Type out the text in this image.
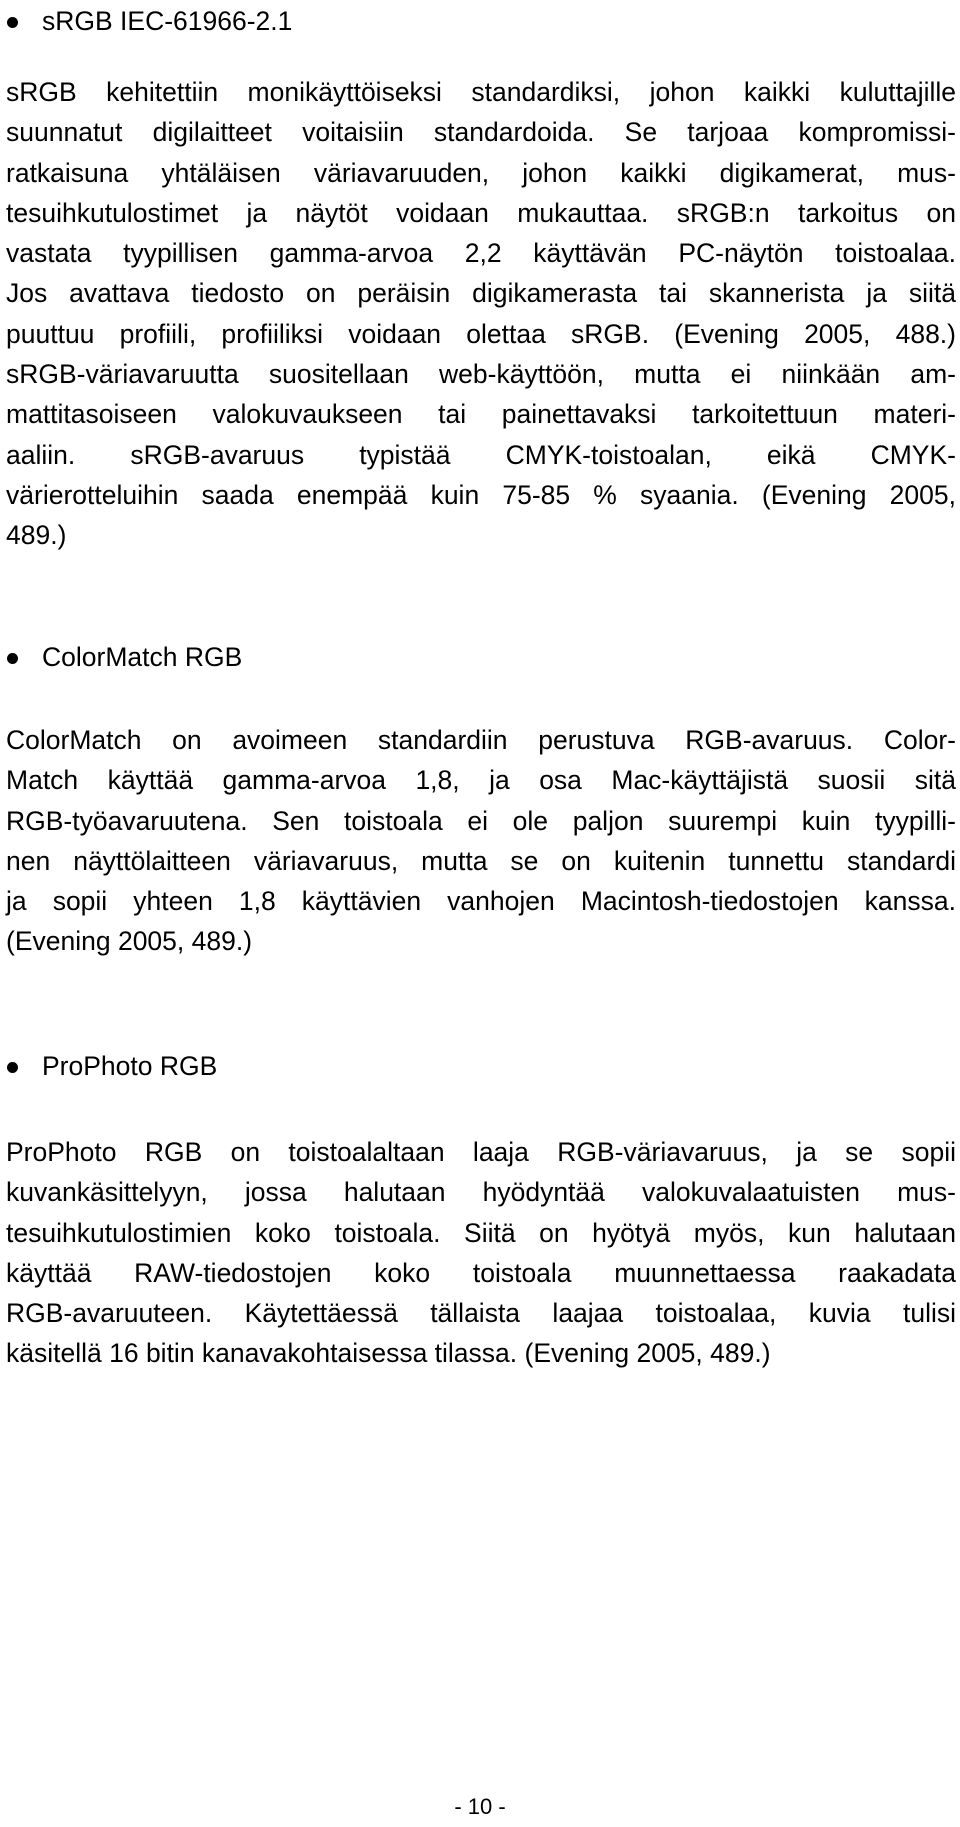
sRGB IEC-61966-2.1
sRGB kehitettiin monikäyttöiseksi standardiksi, johon kaikki kuluttajille
suunnatut digilaitteet voitaisiin standardoida. Se tarjoaa kompromissi-
ratkaisuna yhtäläisen väriavaruuden, johon kaikki digikamerat, mus-
tesuihkutulostimet ja näytöt voidaan mukauttaa. sRGB:n tarkoitus on
vastata tyypillisen gamma-arvoa 2,2 käyttävän PC-näytön toistoalaa.
Jos avattava tiedosto on peräisin digikamerasta tai skannerista ja siitä
puuttuu profiili, profiiliksi voidaan olettaa sRGB. (Evening 2005, 488.)
sRGB-väriavaruutta suositellaan web-käyttöön, mutta ei niinkään am-
mattitasoiseen valokuvaukseen tai painettavaksi tarkoitettuun materi-
aaliin. sRGB-avaruus typistää CMYK-toistoalan, eikä CMYK-
värierotteluihin saada enempää kuin 75-85 % syaania. (Evening 2005,
489.)
ColorMatch RGB
ColorMatch on avoimeen standardiin perustuva RGB-avaruus. Color-
Match käyttää gamma-arvoa 1,8, ja osa Mac-käyttäjistä suosii sitä
RGB-työavaruutena. Sen toistoala ei ole paljon suurempi kuin tyypilli-
nen näyttölaitteen väriavaruus, mutta se on kuitenin tunnettu standardi
ja sopii yhteen 1,8 käyttävien vanhojen Macintosh-tiedostojen kanssa.
(Evening 2005, 489.)
ProPhoto RGB
ProPhoto RGB on toistoalaltaan laaja RGB-väriavaruus, ja se sopii
kuvankäsittelyyn, jossa halutaan hyödyntää valokuvalaatuisten mus-
tesuihkutulostimien koko toistoala. Siitä on hyötyä myös, kun halutaan
käyttää RAW-tiedostojen koko toistoala muunnettaessa raakadata
RGB-avaruuteen. Käytettäessä tällaista laajaa toistoalaa, kuvia tulisi
käsitellä 16 bitin kanavakohtaisessa tilassa. (Evening 2005, 489.)
- 10 -
